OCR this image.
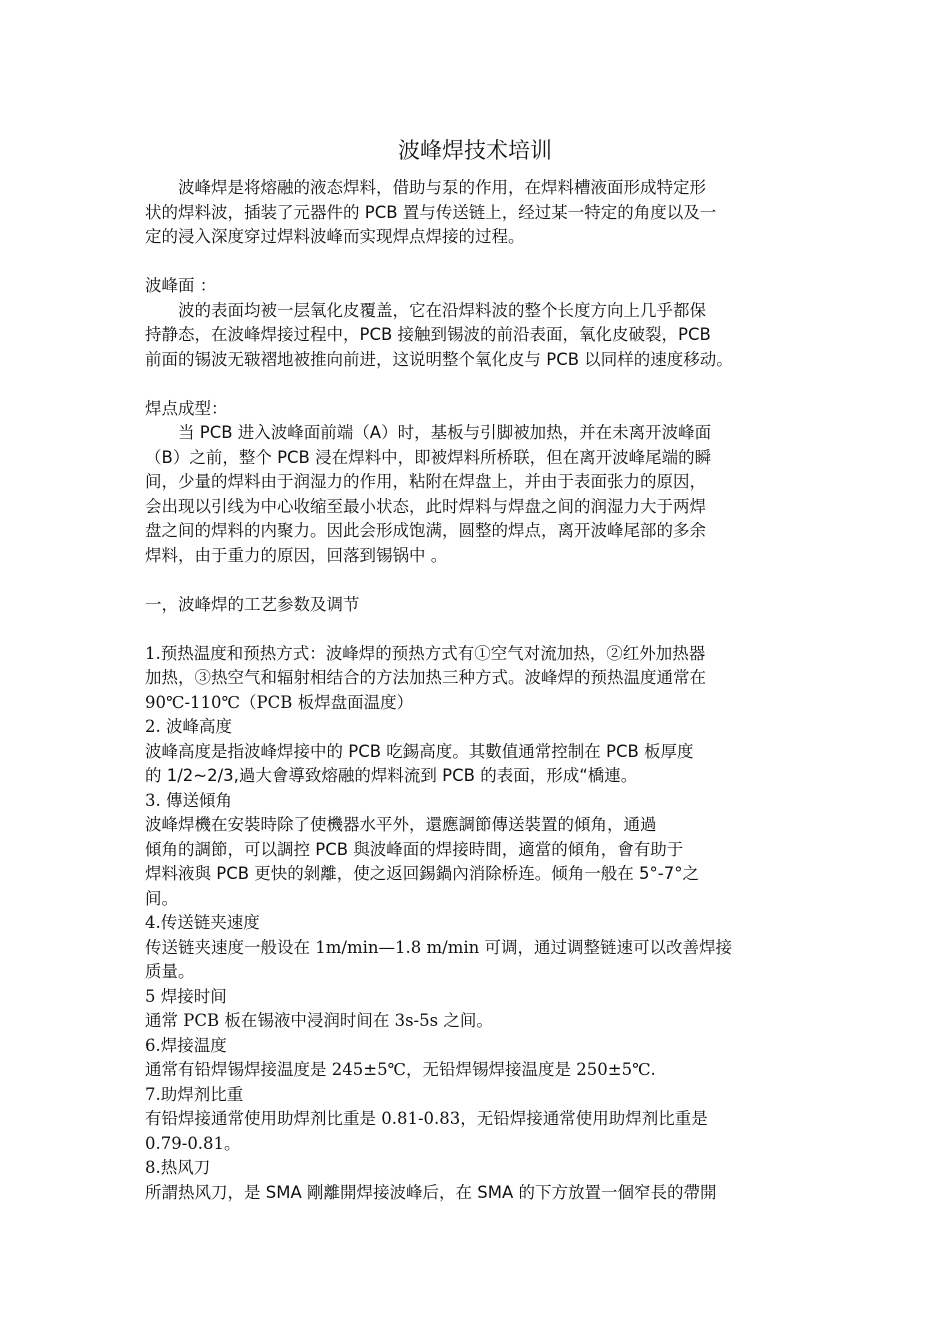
波峰焊技术培训
　　波峰焊是将熔融的液态焊料，借助与泵的作用，在焊料槽液面形成特定形
状的焊料波，插装了元器件的 PCB 置与传送链上，经过某一特定的角度以及一
定的浸入深度穿过焊料波峰而实现焊点焊接的过程。
波峰面 ：
　　波的表面均被一层氧化皮覆盖，它在沿焊料波的整个长度方向上几乎都保
持静态，在波峰焊接过程中，PCB 接触到锡波的前沿表面，氧化皮破裂，PCB
前面的锡波无皲褶地被推向前进，这说明整个氧化皮与 PCB 以同样的速度移动。
焊点成型：
　　当 PCB 进入波峰面前端（A）时，基板与引脚被加热，并在未离开波峰面
（B）之前，整个 PCB 浸在焊料中，即被焊料所桥联，但在离开波峰尾端的瞬
间，少量的焊料由于润湿力的作用，粘附在焊盘上，并由于表面张力的原因，
会出现以引线为中心收缩至最小状态，此时焊料与焊盘之间的润湿力大于两焊
盘之间的焊料的内聚力。因此会形成饱满，圆整的焊点，离开波峰尾部的多余
焊料，由于重力的原因，回落到锡锅中 。
一，波峰焊的工艺参数及调节
1.预热温度和预热方式：波峰焊的预热方式有①空气对流加热，②红外加热器
加热，③热空气和辐射相结合的方法加热三种方式。波峰焊的预热温度通常在
90℃-110℃（PCB 板焊盘面温度）
2. 波峰高度
波峰高度是指波峰焊接中的 PCB 吃錫高度。其數值通常控制在 PCB 板厚度
的 1/2~2/3,過大會導致熔融的焊料流到 PCB 的表面，形成“橋連。
3. 傳送傾角
波峰焊機在安裝時除了使機器水平外，還應調節傳送裝置的傾角，通過
傾角的調節，可以調控 PCB 與波峰面的焊接時間，適當的傾角，會有助于
焊料液與 PCB 更快的剝離，使之返回錫鍋內消除桥连。倾角一般在 5°-7°之
间。
4.传送链夹速度
传送链夹速度一般设在 1m/min—1.8 m/min 可调，通过调整链速可以改善焊接
质量。
5 焊接时间
通常 PCB 板在锡液中浸润时间在 3s-5s 之间。
6.焊接温度
通常有铅焊锡焊接温度是 245±5℃，无铅焊锡焊接温度是 250±5℃.
7.助焊剂比重
有铅焊接通常使用助焊剂比重是 0.81-0.83，无铅焊接通常使用助焊剂比重是
0.79-0.81。
8.热风刀
所謂热风刀，是 SMA 剛離開焊接波峰后，在 SMA 的下方放置一個窄長的帶開
